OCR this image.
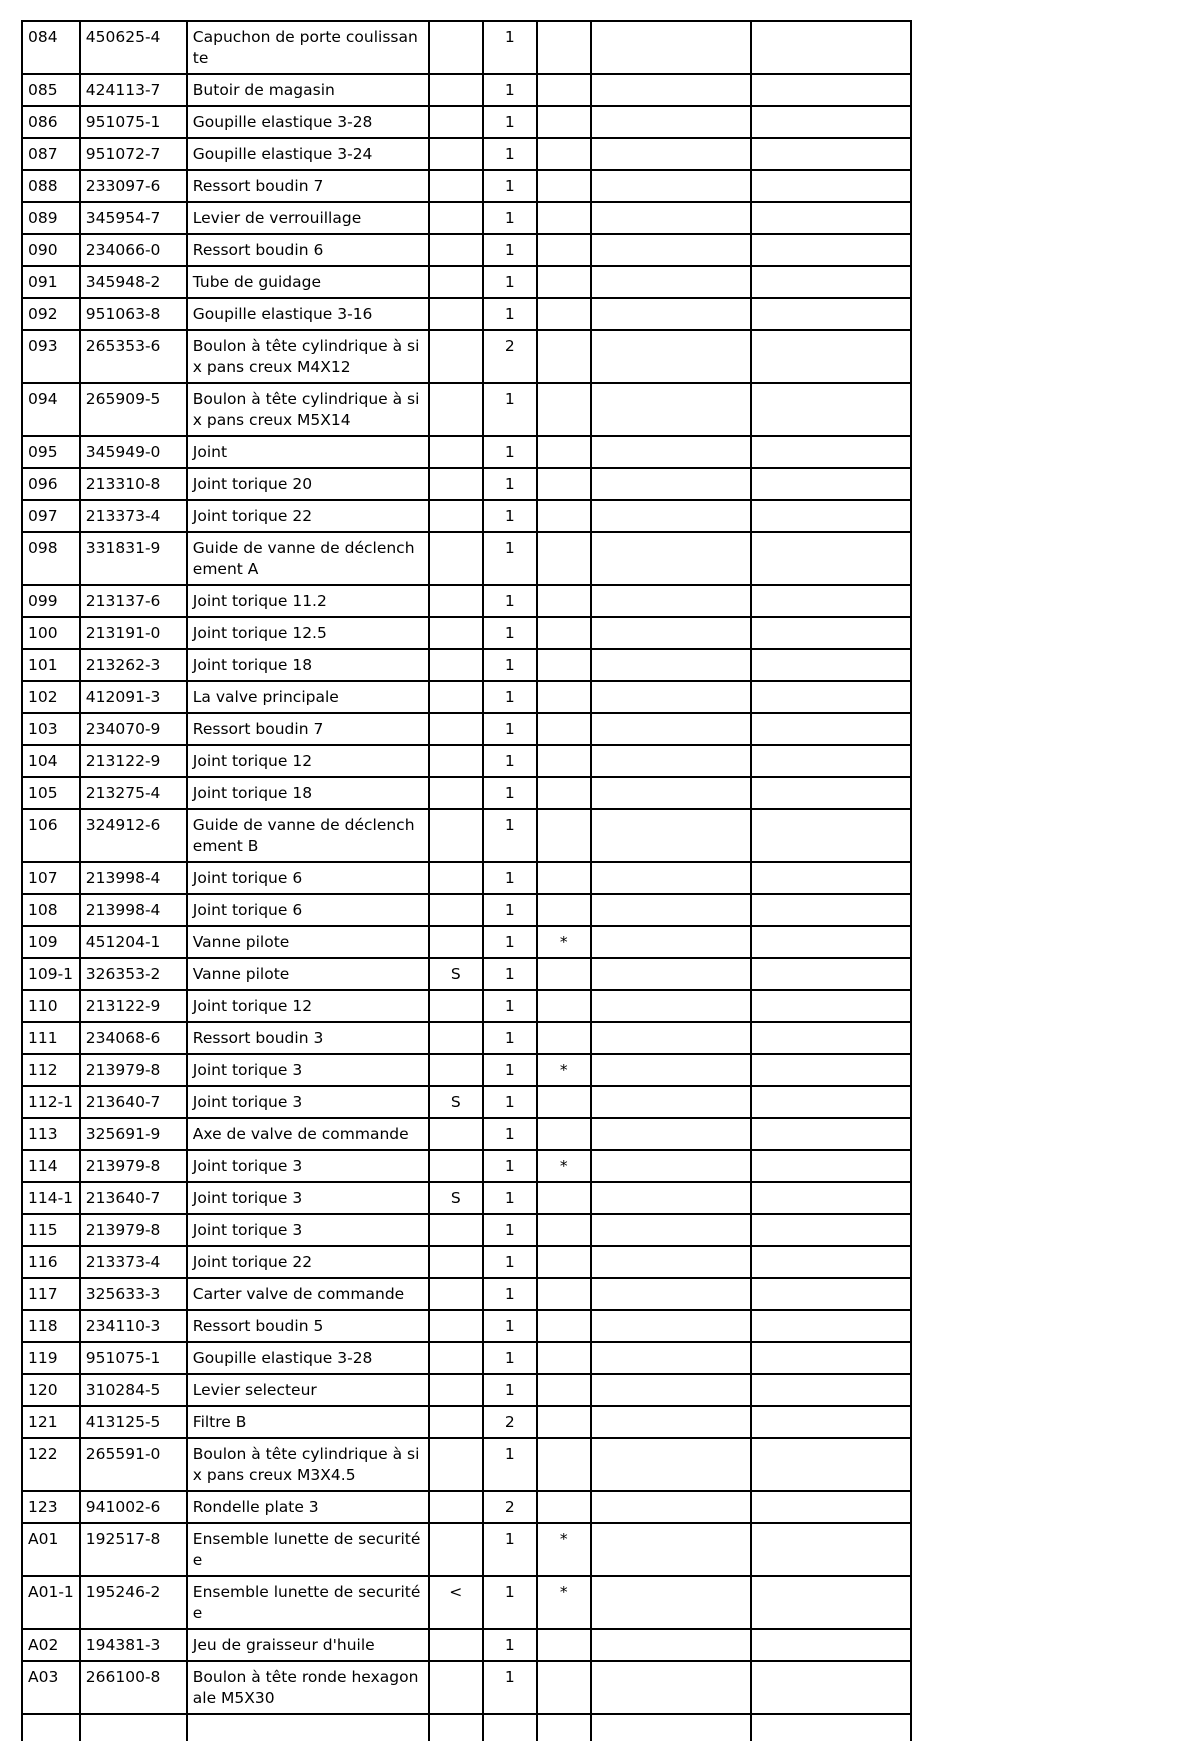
084	450625-4	Capuchon de porte coulissante		1			
085	424113-7	Butoir de magasin		1			
086	951075-1	Goupille elastique 3-28		1			
087	951072-7	Goupille elastique 3-24		1			
088	233097-6	Ressort boudin 7		1			
089	345954-7	Levier de verrouillage		1			
090	234066-0	Ressort boudin 6		1			
091	345948-2	Tube de guidage		1			
092	951063-8	Goupille elastique 3-16		1			
093	265353-6	Boulon à tête cylindrique à six pans creux M4X12		2			
094	265909-5	Boulon à tête cylindrique à six pans creux M5X14		1			
095	345949-0	Joint		1			
096	213310-8	Joint torique 20		1			
097	213373-4	Joint torique 22		1			
098	331831-9	Guide de vanne de déclenchement A		1			
099	213137-6	Joint torique 11.2		1			
100	213191-0	Joint torique 12.5		1			
101	213262-3	Joint torique 18		1			
102	412091-3	La valve principale		1			
103	234070-9	Ressort boudin 7		1			
104	213122-9	Joint torique 12		1			
105	213275-4	Joint torique 18		1			
106	324912-6	Guide de vanne de déclenchement B		1			
107	213998-4	Joint torique 6		1			
108	213998-4	Joint torique 6		1			
109	451204-1	Vanne pilote		1	*		
109-1	326353-2	Vanne pilote	S	1			
110	213122-9	Joint torique 12		1			
111	234068-6	Ressort boudin 3		1			
112	213979-8	Joint torique 3		1	*		
112-1	213640-7	Joint torique 3	S	1			
113	325691-9	Axe de valve de commande		1			
114	213979-8	Joint torique 3		1	*		
114-1	213640-7	Joint torique 3	S	1			
115	213979-8	Joint torique 3		1			
116	213373-4	Joint torique 22		1			
117	325633-3	Carter valve de commande		1			
118	234110-3	Ressort boudin 5		1			
119	951075-1	Goupille elastique 3-28		1			
120	310284-5	Levier selecteur		1			
121	413125-5	Filtre B		2			
122	265591-0	Boulon à tête cylindrique à six pans creux M3X4.5		1			
123	941002-6	Rondelle plate 3		2			
A01	192517-8	Ensemble lunette de securitée		1	*		
A01-1	195246-2	Ensemble lunette de securitée	<	1	*		
A02	194381-3	Jeu de graisseur d'huile		1			
A03	266100-8	Boulon à tête ronde hexagonale M5X30		1			
